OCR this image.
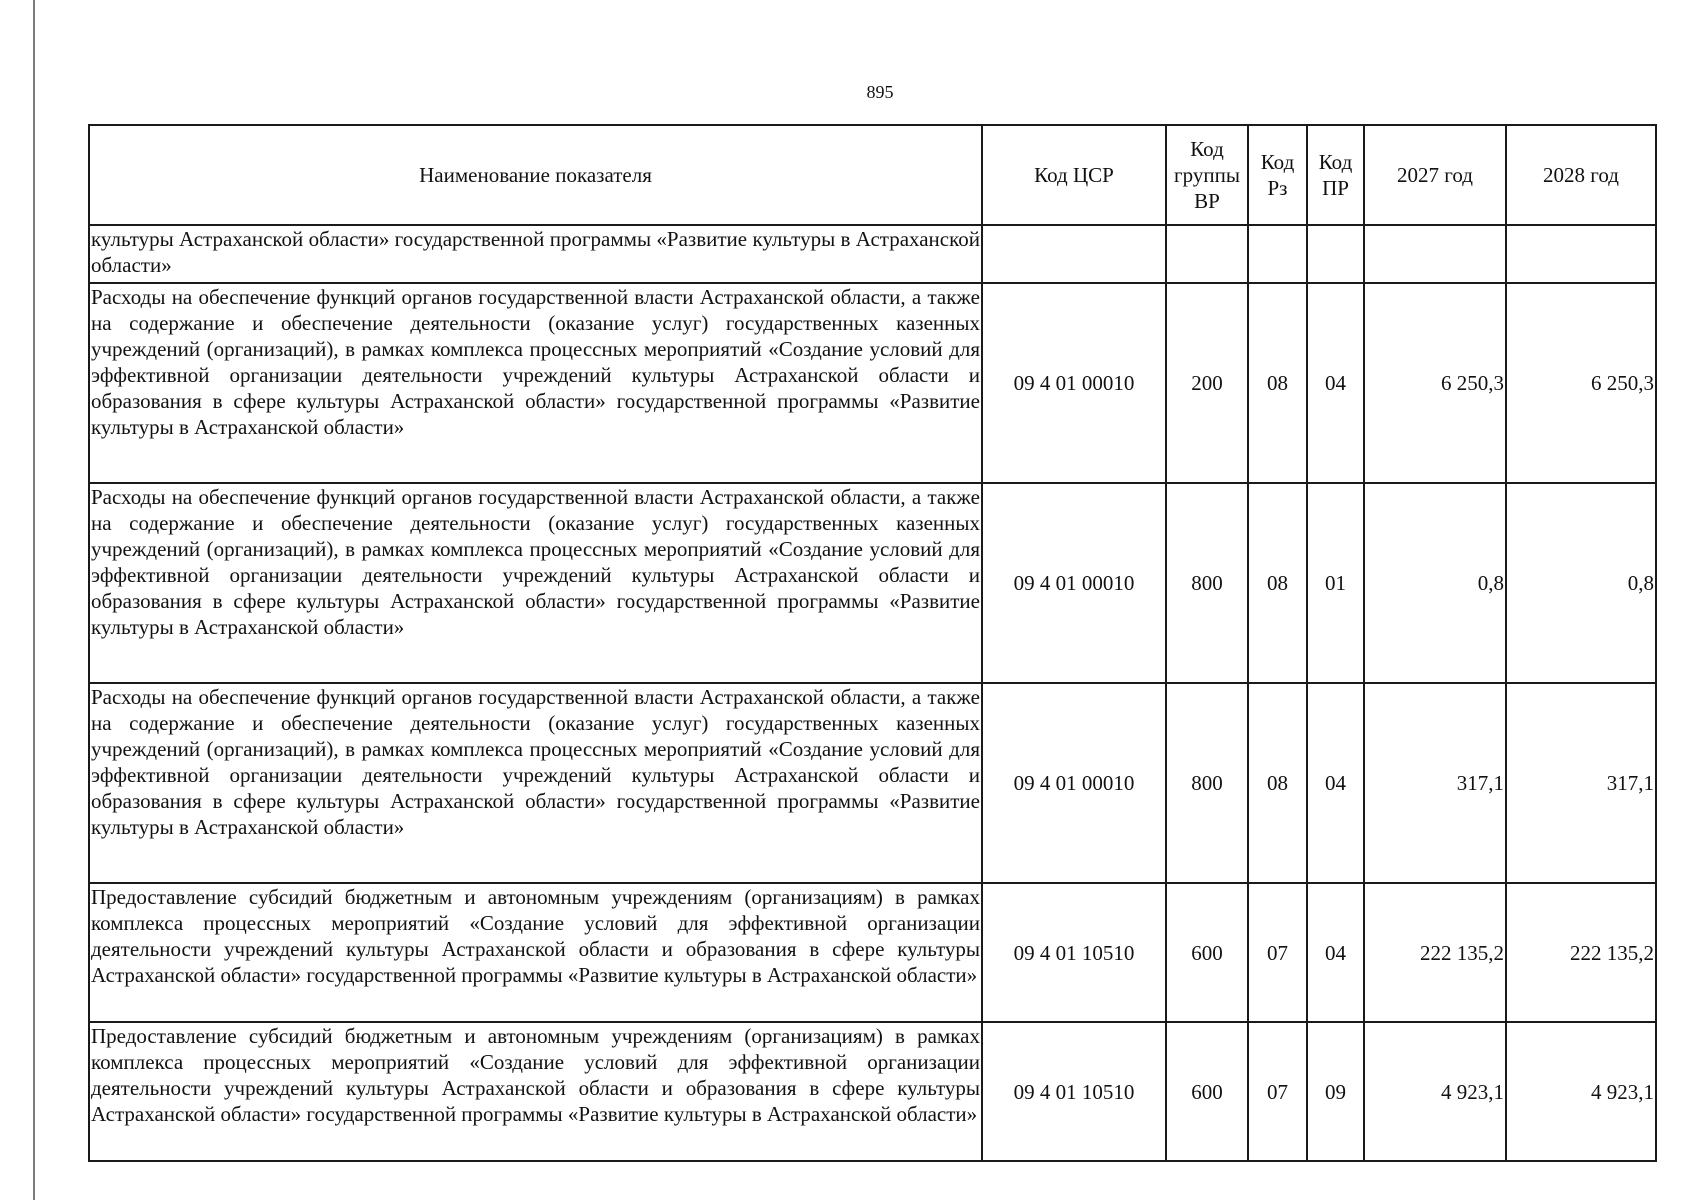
895
Наименование показателя	Код ЦСР	Код группы ВР	Код Рз	Код ПР	2027 год	2028 год
культуры Астраханской области» государственной программы «Развитие культуры в Астраханской области»						
Расходы на обеспечение функций органов государственной власти Астраханской области, а также на содержание и обеспечение деятельности (оказание услуг) государственных казенных учреждений (организаций), в рамках комплекса процессных мероприятий «Создание условий для эффективной организации деятельности учреждений культуры Астраханской области и образования в сфере культуры Астраханской области» государственной программы «Развитие культуры в Астраханской области»	09 4 01 00010	200	08	04	6 250,3	6 250,3
Расходы на обеспечение функций органов государственной власти Астраханской области, а также на содержание и обеспечение деятельности (оказание услуг) государственных казенных учреждений (организаций), в рамках комплекса процессных мероприятий «Создание условий для эффективной организации деятельности учреждений культуры Астраханской области и образования в сфере культуры Астраханской области» государственной программы «Развитие культуры в Астраханской области»	09 4 01 00010	800	08	01	0,8	0,8
Расходы на обеспечение функций органов государственной власти Астраханской области, а также на содержание и обеспечение деятельности (оказание услуг) государственных казенных учреждений (организаций), в рамках комплекса процессных мероприятий «Создание условий для эффективной организации деятельности учреждений культуры Астраханской области и образования в сфере культуры Астраханской области» государственной программы «Развитие культуры в Астраханской области»	09 4 01 00010	800	08	04	317,1	317,1
Предоставление субсидий бюджетным и автономным учреждениям (организациям) в рамках комплекса процессных мероприятий «Создание условий для эффективной организации деятельности учреждений культуры Астраханской области и образования в сфере культуры Астраханской области» государственной программы «Развитие культуры в Астраханской области»	09 4 01 10510	600	07	04	222 135,2	222 135,2
Предоставление субсидий бюджетным и автономным учреждениям (организациям) в рамках комплекса процессных мероприятий «Создание условий для эффективной организации деятельности учреждений культуры Астраханской области и образования в сфере культуры Астраханской области» государственной программы «Развитие культуры в Астраханской области»	09 4 01 10510	600	07	09	4 923,1	4 923,1
